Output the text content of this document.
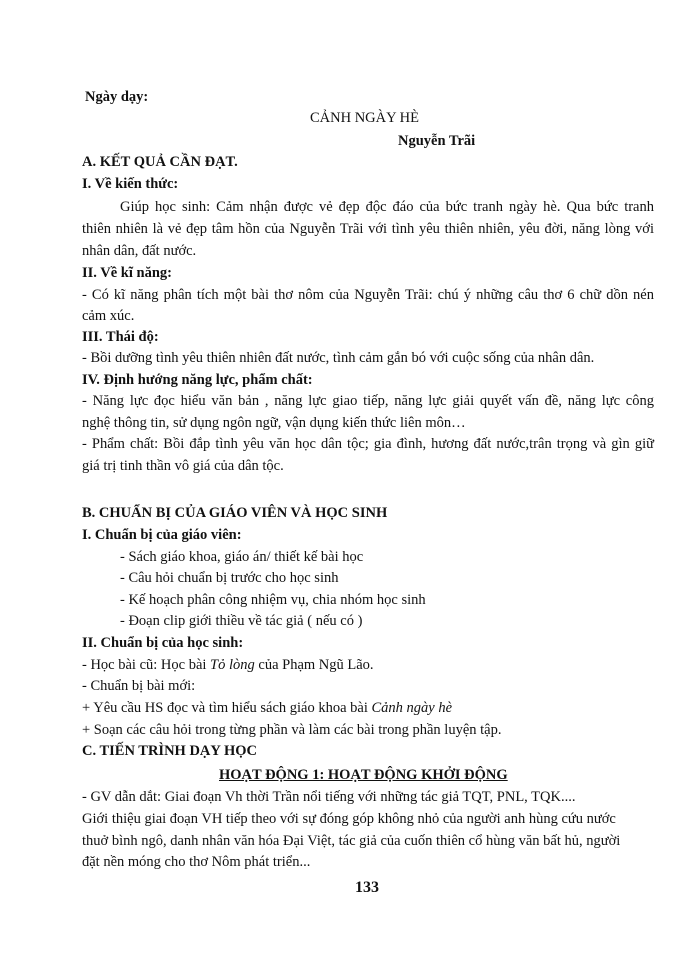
Ngày dạy:
CẢNH NGÀY HÈ
Nguyễn Trãi
A. KẾT QUẢ CẦN ĐẠT.
I. Về kiến thức:
Giúp học sinh: Cảm nhận được vẻ đẹp độc đáo của bức tranh ngày hè. Qua bức tranh
thiên nhiên là vẻ đẹp tâm hồn của Nguyễn Trãi với tình yêu thiên nhiên, yêu đời, năng lòng với
nhân dân, đất nước.
II. Về kĩ năng:
- Có kĩ năng phân tích một bài thơ nôm của Nguyễn Trãi: chú ý những câu thơ 6 chữ dồn nén
cảm xúc.
III. Thái độ:
- Bồi dưỡng tình yêu thiên nhiên đất nước, tình cảm gắn bó với cuộc sống của nhân dân.
IV. Định hướng năng lực, phẩm chất:
- Năng lực đọc hiểu văn bản , năng lực giao tiếp, năng lực giải quyết vấn đề, năng lực công
nghệ thông tin, sử dụng ngôn ngữ, vận dụng kiến thức liên môn…
- Phẩm chất: Bồi đắp tình yêu văn học dân tộc; gia đình, hương đất nước,trân trọng và gìn giữ
giá trị tinh thần vô giá của dân tộc.
B. CHUẨN BỊ CỦA GIÁO VIÊN VÀ HỌC SINH
I. Chuẩn bị của giáo viên:
- Sách giáo khoa, giáo án/ thiết kế bài học
- Câu hỏi chuẩn bị trước cho học sinh
- Kế hoạch phân công nhiệm vụ, chia nhóm học sinh
- Đoạn clip giới thiều về tác giả ( nếu có )
II. Chuẩn bị của học sinh:
- Học bài cũ: Học bài Tỏ lòng của Phạm Ngũ Lão.
- Chuẩn bị bài mới:
+ Yêu cầu HS đọc và tìm hiểu sách giáo khoa bài Cảnh ngày hè
+ Soạn các câu hỏi trong từng phần và làm các bài trong phần luyện tập.
C. TIẾN TRÌNH DẠY HỌC
HOẠT ĐỘNG 1: HOẠT ĐỘNG KHỞI ĐỘNG
- GV dẫn dắt: Giai đoạn Vh thời Trần nổi tiếng với những tác giả TQT, PNL, TQK....
Giới thiệu giai đoạn VH tiếp theo với sự đóng góp không nhỏ của người anh hùng cứu nước
thuở bình ngô, danh nhân văn hóa Đại Việt, tác giả của cuốn thiên cổ hùng văn bất hủ, người
đặt nền móng cho thơ Nôm phát triển...
133
